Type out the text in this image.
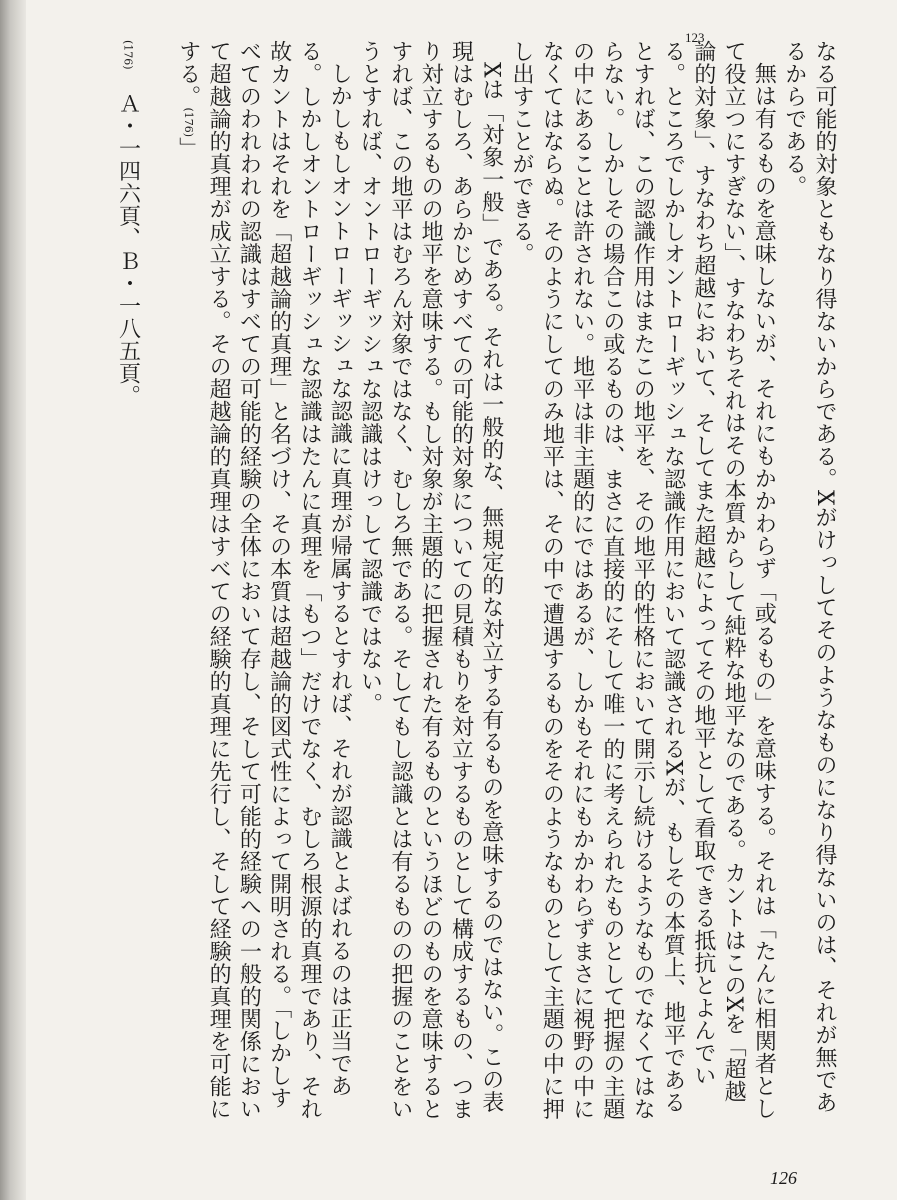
123

なる可能的対象ともなり得ないからである。Xがけっしてそのようなものになり得ないのは、それが無であるからである。

無は有るものを意味しないが、それにもかかわらず「或るもの」を意味する。それは「たんに相関者として役立つにすぎない」、すなわちそれはその本質からして純粋な地平なのである。カントはこのXを「超越論的対象」、すなわち超越において、そしてまた超越によってその地平として看取できる抵抗とよんでいる。ところでしかしオントローギッシュな認識作用において認識されるXが、もしその本質上、地平であるとすれば、この認識作用はまたこの地平を、その地平的性格において開示し続けるようなものでなくてはならない。しかしその場合この或るものは、まさに直接的にそして唯一的に考えられたものとして把握の主題の中にあることは許されない。地平は非主題的にではあるが、しかもそれにもかかわらずまさに視野の中になくてはならぬ。そのようにしてのみ地平は、その中で遭遇するものをそのようなものとして主題の中に押し出すことができる。

Xは「対象一般」である。それは一般的な、無規定的な対立する有るものを意味するのではない。この表現はむしろ、あらかじめすべての可能的対象についての見積もりを対立するものとして構成するもの、つまり対立するものの地平を意味する。もし対象が主題的に把握された有るものというほどのものを意味するとすれば、この地平はむろん対象ではなく、むしろ無である。そしてもし認識とは有るものの把握のことをいうとすれば、オントローギッシュな認識はけっして認識ではない。

しかしもしオントローギッシュな認識に真理が帰属するとすれば、それが認識とよばれるのは正当である。しかしオントローギッシュな認識はたんに真理を「もつ」だけでなく、むしろ根源的真理であり、それ故カントはそれを「超越論的真理」と名づけ、その本質は超越論的図式性によって開明される。「しかしすべてのわれわれの認識はすべての可能的経験の全体において存し、そして可能的経験への一般的関係において超越論的真理が成立する。その超越論的真理はすべての経験的真理に先行し、そして経験的真理を可能にする。(176)」

(176)　Ａ・一四六頁、Ｂ・一八五頁。

126
